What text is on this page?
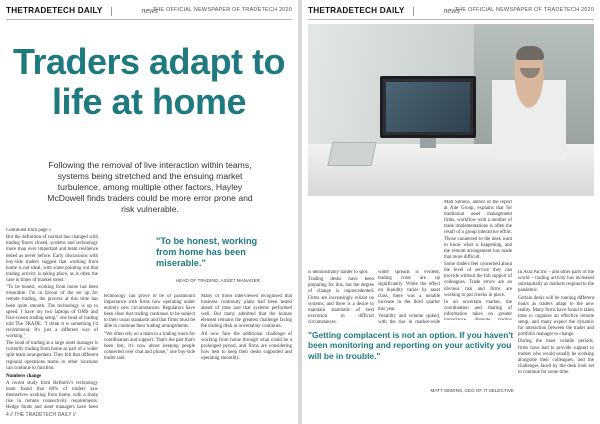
THETRADETECH DAILY	news
THE OFFICIAL NEWSPAPER OF TRADETECH 2020
Traders adapt to life at home
Following the removal of live interaction within teams, systems being stretched and the ensuing market turbulence, among multiple other factors, Hayley McDowell finds traders could be more error prone and risk vulnerable.

Continued from page 1

But the definition of normal has changed with trading floors closed, systems and technology more than ever important and team resilience tested as never before. Early discussions with buy-side traders suggest that working from home is not ideal, with some pointing out that trading activity is taking place, as is often the case in times of market stress.

"To be honest, working from home has been miserable. I'm in favour of the set up for remote trading, the process at this time has been quite smooth. The technology is up to speed. I have my two laptops of OMS and four-screen trading setup," one head of trading told The TRADE. "I think it is something I'd recommend. It's just a different way of working."

The head of trading at a large asset manager is currently trading from home as part of a wider split team arrangement. They felt that different regional operations teams in other locations can continue to function.

Numbers change

A recent study from Refinitiv's technology team found that 80% of traders saw themselves working from home, with a sharp rise in remote connectivity requirements. Hedge funds and asset managers have been

"To be honest, working from home has been miserable."
HEAD OF TRADING, ASSET MANAGER

technology can prove to be of paramount importance with firms now operating under entirely new circumstances. Regulators have been clear that trading continues to be subject to their usual standards and that firms must be able to continue their trading arrangements.

"We often rely on a team in a trading room for coordination and support. That's the part that's been lost, it's now about keeping people connected over chat and phone," one buy-side trader said.

Many of those interviewed recognised that business continuity plans had been tested ahead of time and that systems performed well. But many admitted that the human element remains the greatest challenge facing the trading desk as uncertainty continues.

All now face the additional challenge of working from home through what could be a prolonged period, and firms are considering how best to keep their desks supported and operating smoothly.

4 // THE TRADETECH DAILY //
THETRADETECH DAILY	news
THE OFFICIAL NEWSPAPER OF TRADETECH 2020

Matt Simons, author of the report at Aite Group, explains that for traditional asset management firms, workflow with a number of trade implementations is often the result of a group interactive effort. Those connected to the desk want to know what is happening, and the remote arrangement has made that more difficult.

Some traders feel concerned about the level of service they can provide without the full support of colleagues. Trade errors are an obvious risk and firms are working to put checks in place.

In an uncertain market, the coordination and sharing of information takes on greater

is demonstrably harder to spot.

Trading desks have been preparing for this, but the degree of change is unprecedented. Firms are increasingly reliant on systems, and there is a desire to maintain standards of best execution in difficult circumstances.

wider spreads is evident, trading costs are up significantly. While the effect on liquidity varies by asset class, there was a notable increase in the third quarter this year.

Volatility and volume spiked, with the rise in market-wide

In Asia Pacific – and other parts of the world – trading activity has increased substantially as markets respond to the pandemic.

Certain desks will be running different hours as traders adapt to the new reality. Many firms have found it takes time to organise an effective remote setup, and many expect the dynamic for interaction between the trader and portfolio manager to change.

During the most volatile periods, firms have had to provide support to traders who would usually be working alongside their colleagues, and the challenges faced by the desk look set to continue for some time.

"Getting complacent is not an option. If you haven't been monitoring and reporting on your activity you will be in trouble."
MATT SIMONS, CEO OF IT SELECTIVE
